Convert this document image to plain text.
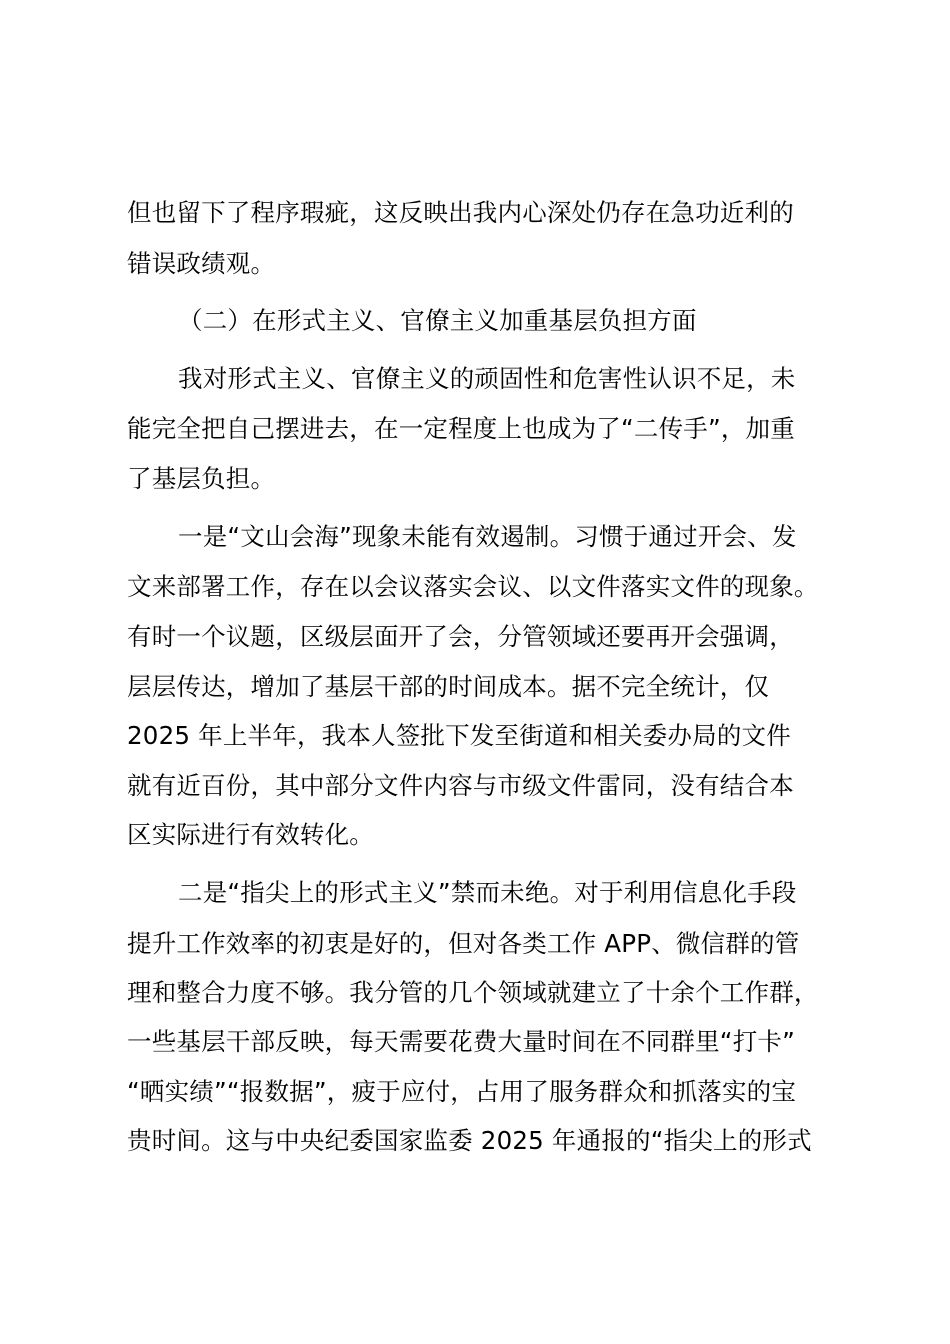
但也留下了程序瑕疵，这反映出我内心深处仍存在急功近利的
错误政绩观。
（二）在形式主义、官僚主义加重基层负担方面
我对形式主义、官僚主义的顽固性和危害性认识不足，未
能完全把自己摆进去，在一定程度上也成为了“二传手”，加重
了基层负担。
一是“文山会海”现象未能有效遏制。习惯于通过开会、发
文来部署工作，存在以会议落实会议、以文件落实文件的现象。
有时一个议题，区级层面开了会，分管领域还要再开会强调，
层层传达，增加了基层干部的时间成本。据不完全统计，仅
2025 年上半年，我本人签批下发至街道和相关委办局的文件
就有近百份，其中部分文件内容与市级文件雷同，没有结合本
区实际进行有效转化。
二是“指尖上的形式主义”禁而未绝。对于利用信息化手段
提升工作效率的初衷是好的，但对各类工作 APP、微信群的管
理和整合力度不够。我分管的几个领域就建立了十余个工作群，
一些基层干部反映，每天需要花费大量时间在不同群里“打卡”
“晒实绩”“报数据”，疲于应付，占用了服务群众和抓落实的宝
贵时间。这与中央纪委国家监委 2025 年通报的“指尖上的形式
